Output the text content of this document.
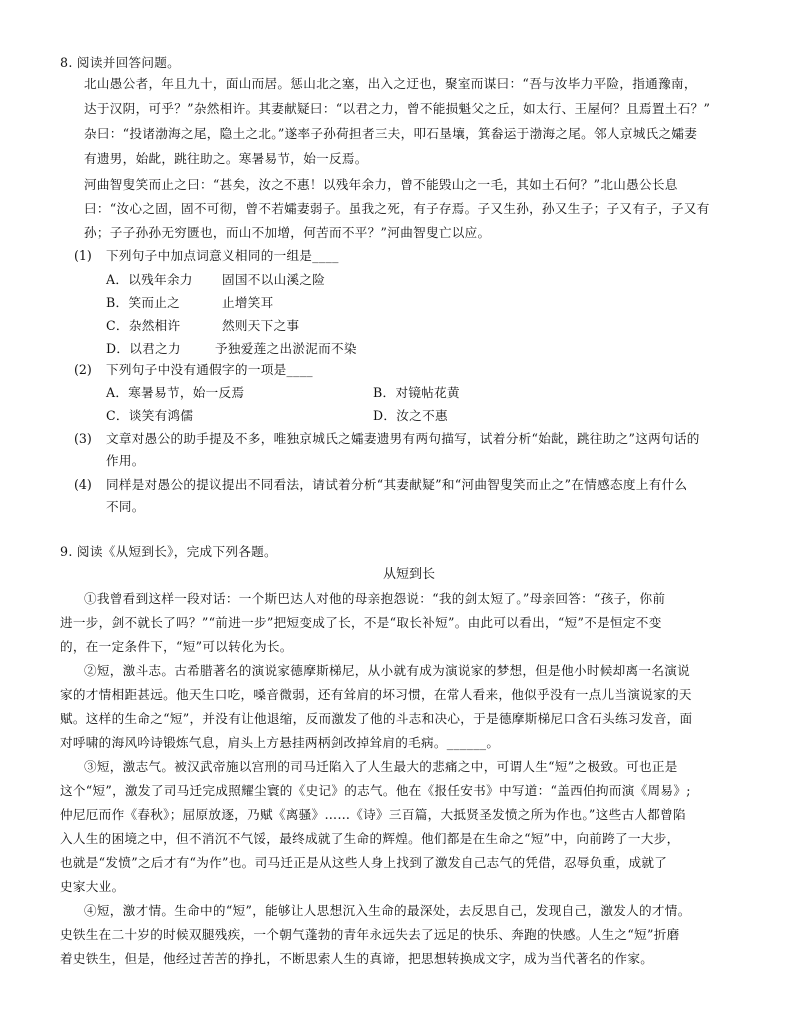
8. 阅读并回答问题。
北山愚公者，年且九十，面山而居。惩山北之塞，出入之迂也，聚室而谋曰：“吾与汝毕力平险，指通豫南，
达于汉阴，可乎？”杂然相许。其妻献疑曰：“以君之力，曾不能损魁父之丘，如太行、王屋何？且焉置土石？”
杂曰：“投诸渤海之尾，隐土之北。”遂率子孙荷担者三夫，叩石垦壤，箕畚运于渤海之尾。邻人京城氏之孀妻
有遗男，始龀，跳往助之。寒暑易节，始一反焉。
河曲智叟笑而止之曰：“甚矣，汝之不惠！以残年余力，曾不能毁山之一毛，其如土石何？”北山愚公长息
曰：“汝心之固，固不可彻，曾不若孀妻弱子。虽我之死，有子存焉。子又生孙，孙又生子；子又有子，子又有
孙；子子孙孙无穷匮也，而山不加增，何苦而不平？”河曲智叟亡以应。
(1) 下列句子中加点词意义相同的一组是____
A．以残年余力 固国不以山溪之险
B．笑而止之	止增笑耳
C．杂然相许	然则天下之事
D．以君之力	予独爱莲之出淤泥而不染
(2) 下列句子中没有通假字的一项是____
A．寒暑易节，始一反焉	B．对镜帖花黄
C．谈笑有鸿儒	D．汝之不惠
(3) 文章对愚公的助手提及不多，唯独京城氏之孀妻遗男有两句描写，试着分析“始龀，跳往助之”这两句话的
作用。
(4) 同样是对愚公的提议提出不同看法，请试着分析“其妻献疑”和“河曲智叟笑而止之”在情感态度上有什么
不同。
9. 阅读《从短到长》，完成下列各题。
从短到长
①我曾看到这样一段对话：一个斯巴达人对他的母亲抱怨说：“我的剑太短了。”母亲回答：“孩子，你前
进一步，剑不就长了吗？”“前进一步”把短变成了长，不是“取长补短”。由此可以看出，“短”不是恒定不变
的，在一定条件下，“短”可以转化为长。
②短，激斗志。古希腊著名的演说家德摩斯梯尼，从小就有成为演说家的梦想，但是他小时候却离一名演说
家的才情相距甚远。他天生口吃，嗓音微弱，还有耸肩的坏习惯，在常人看来，他似乎没有一点儿当演说家的天
赋。这样的生命之“短”，并没有让他退缩，反而激发了他的斗志和决心，于是德摩斯梯尼口含石头练习发音，面
对呼啸的海风吟诗锻炼气息，肩头上方悬挂两柄剑改掉耸肩的毛病。______。
③短，激志气。被汉武帝施以宫刑的司马迁陷入了人生最大的悲痛之中，可谓人生“短”之极致。可也正是
这个“短”，激发了司马迁完成照耀尘寰的《史记》的志气。他在《报任安书》中写道：“盖西伯拘而演《周易》;
仲尼厄而作《春秋》；屈原放逐，乃赋《离骚》……《诗》三百篇，大抵贤圣发愤之所为作也。”这些古人都曾陷
入人生的困境之中，但不消沉不气馁，最终成就了生命的辉煌。他们都是在生命之“短”中，向前跨了一大步，
也就是“发愤”之后才有“为作”也。司马迁正是从这些人身上找到了激发自己志气的凭借，忍辱负重，成就了
史家大业。
④短，激才情。生命中的“短”，能够让人思想沉入生命的最深处，去反思自己，发现自己，激发人的才情。
史铁生在二十岁的时候双腿残疾，一个朝气蓬勃的青年永远失去了远足的快乐、奔跑的快感。人生之“短”折磨
着史铁生，但是，他经过苦苦的挣扎，不断思索人生的真谛，把思想转换成文字，成为当代著名的作家。
